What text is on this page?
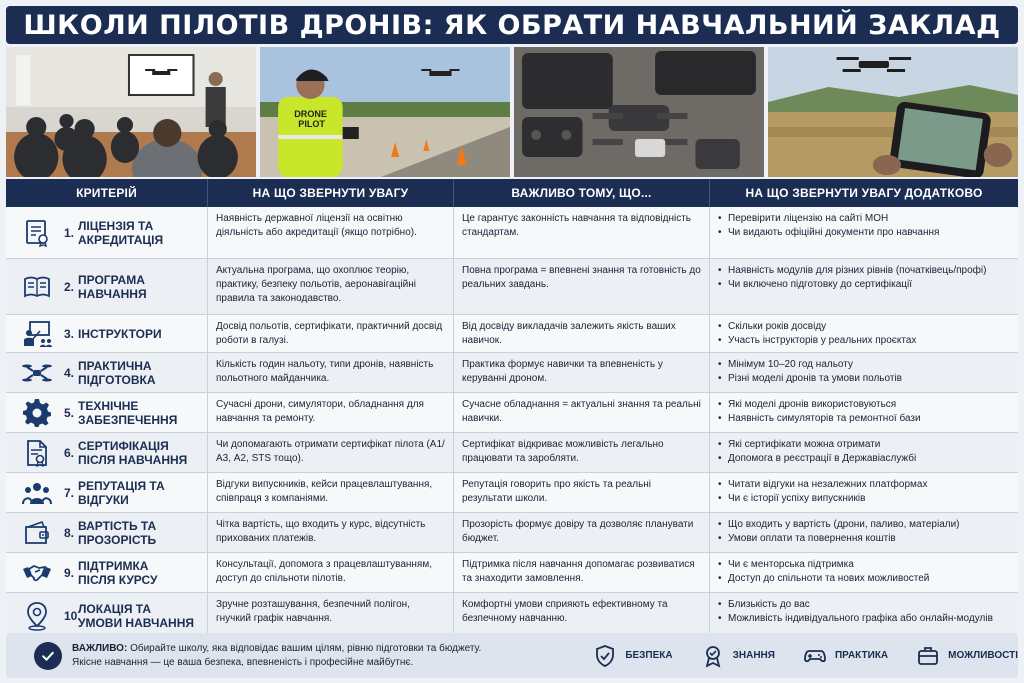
ШКОЛИ ПІЛОТІВ ДРОНІВ: ЯК ОБРАТИ НАВЧАЛЬНИЙ ЗАКЛАД
DRONE
PILOT
КРИТЕРІЙ	НА ЩО ЗВЕРНУТИ УВАГУ	ВАЖЛИВО ТОМУ, ЩО...	НА ЩО ЗВЕРНУТИ УВАГУ ДОДАТКОВО
1. ЛІЦЕНЗІЯ ТА
АКРЕДИТАЦІЯ
Наявність державної ліцензії на освітню діяльність або акредитації (якщо потрібно).
Це гарантує законність навчання та відповідність стандартам.
• Перевірити ліцензію на сайті МОН
• Чи видають офіційні документи про навчання
2. ПРОГРАМА
НАВЧАННЯ
Актуальна програма, що охоплює теорію, практику, безпеку польотів, аеронавігаційні правила та законодавство.
Повна програма = впевнені знання та готовність до реальних завдань.
• Наявність модулів для різних рівнів (початківець/профі)
• Чи включено підготовку до сертифікації
3. ІНСТРУКТОРИ	Досвід польотів, сертифікати, практичний досвід роботи в галузі.
Від досвіду викладачів залежить якість ваших навичок.
• Скільки років досвіду
• Участь інструкторів у реальних проєктах
4. ПРАКТИЧНА
ПІДГОТОВКА
Кількість годин нальоту, типи дронів, наявність польотного майданчика.
Практика формує навички та впевненість у керуванні дроном.
• Мінімум 10–20 год нальоту
• Різні моделі дронів та умови польотів
5. ТЕХНІЧНЕ
ЗАБЕЗПЕЧЕННЯ
Сучасні дрони, симулятори, обладнання для навчання та ремонту.
Сучасне обладнання = актуальні знання та реальні навички.
• Які моделі дронів використовуються
• Наявність симуляторів та ремонтної бази
6. СЕРТИФІКАЦІЯ
ПІСЛЯ НАВЧАННЯ
Чи допомагають отримати сертифікат пілота (А1/А3, А2, STS тощо).
Сертифікат відкриває можливість легально працювати та заробляти.
• Які сертифікати можна отримати
• Допомога в реєстрації в Державіаслужбі
7. РЕПУТАЦІЯ ТА
ВІДГУКИ
Відгуки випускників, кейси працевлаштування, співпраця з компаніями.
Репутація говорить про якість та реальні результати школи.
• Читати відгуки на незалежних платформах
• Чи є історії успіху випускників
8. ВАРТІСТЬ ТА
ПРОЗОРІСТЬ
Чітка вартість, що входить у курс, відсутність прихованих платежів.
Прозорість формує довіру та дозволяє планувати бюджет.
• Що входить у вартість (дрони, паливо, матеріали)
• Умови оплати та повернення коштів
9. ПІДТРИМКА
ПІСЛЯ КУРСУ
Консультації, допомога з працевлаштуванням, доступ до спільноти пілотів.
Підтримка після навчання допомагає розвиватися та знаходити замовлення.
• Чи є менторська підтримка
• Доступ до спільноти та нових можливостей
10.
ЛОКАЦІЯ ТА
УМОВИ НАВЧАННЯ
Зручне розташування, безпечний полігон, гнучкий графік навчання.
Комфортні умови сприяють ефективному та безпечному навчанню.
• Близькість до вас
• Можливість індивідуального графіка або онлайн-модулів
ВАЖЛИВО: Обирайте школу, яка відповідає вашим цілям, рівню підготовки та бюджету.
Якісне навчання — це ваша безпека, впевненість і професійне майбутнє.
БЕЗПЕКА	ЗНАННЯ	ПРАКТИКА	МОЖЛИВОСТІ
